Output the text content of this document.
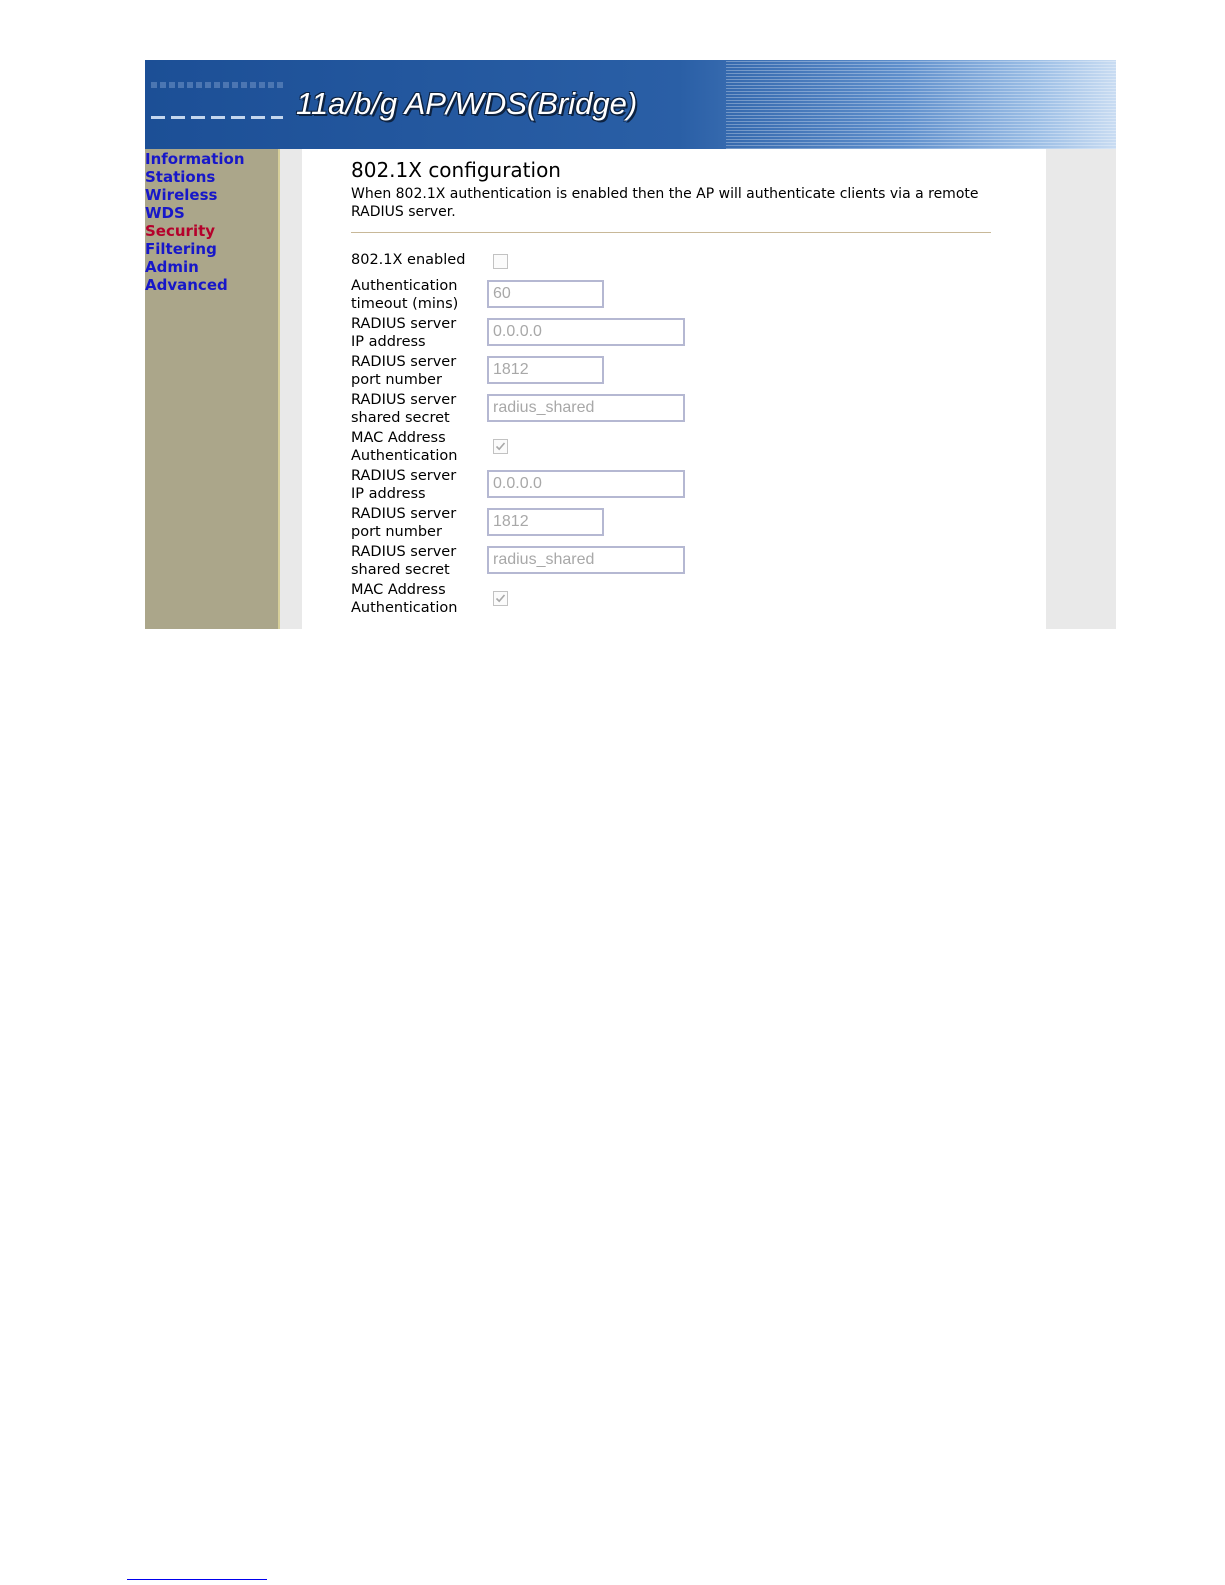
11a/b/g AP/WDS(Bridge)
Information
Stations
Wireless
WDS
Security
Filtering
Admin
Advanced
802.1X configuration

When 802.1X authentication is enabled then the AP will authenticate clients via a remote RADIUS server.

802.1X enabled
Authentication
timeout (mins)
60
RADIUS server
IP address
0.0.0.0
RADIUS server
port number
1812
RADIUS server
shared secret
radius_shared
MAC Address
Authentication
RADIUS server
IP address
0.0.0.0
RADIUS server
port number
1812
RADIUS server
shared secret
radius_shared
MAC Address
Authentication
